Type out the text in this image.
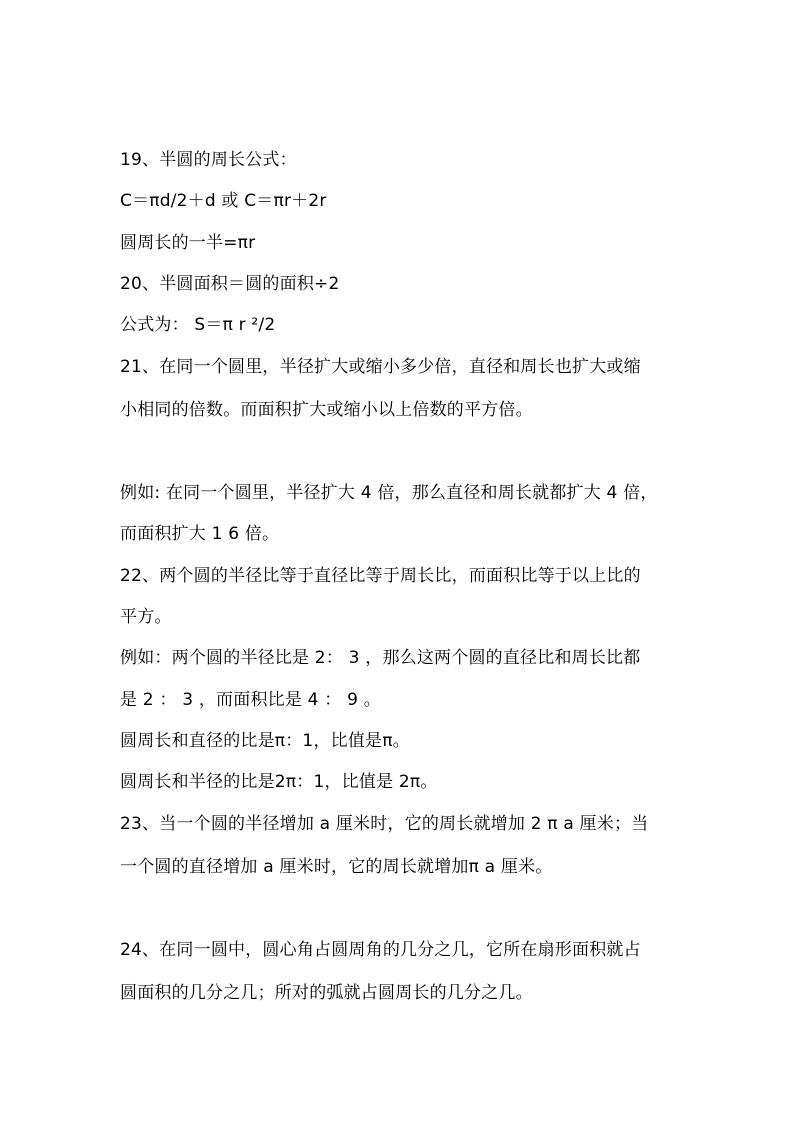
19、半圆的周长公式：
C＝πd/2＋d 或 C＝πr＋2r
圆周长的一半=πr
20、半圆面积＝圆的面积÷2
公式为： S＝π r ²/2
21、在同一个圆里，半径扩大或缩小多少倍，直径和周长也扩大或缩
小相同的倍数。而面积扩大或缩小以上倍数的平方倍。
例如: 在同一个圆里，半径扩大 4 倍，那么直径和周长就都扩大 4 倍，
而面积扩大 1 6 倍。
22、两个圆的半径比等于直径比等于周长比，而面积比等于以上比的
平方。
例如：两个圆的半径比是 2： 3 ，那么这两个圆的直径比和周长比都
是 2 ： 3 ，而面积比是 4 ： 9 。
圆周长和直径的比是π：1，比值是π。
圆周长和半径的比是2π：1，比值是 2π。
23、当一个圆的半径增加 a 厘米时，它的周长就增加 2 π a 厘米；当
一个圆的直径增加 a 厘米时，它的周长就增加π a 厘米。
24、在同一圆中，圆心角占圆周角的几分之几，它所在扇形面积就占
圆面积的几分之几；所对的弧就占圆周长的几分之几。
